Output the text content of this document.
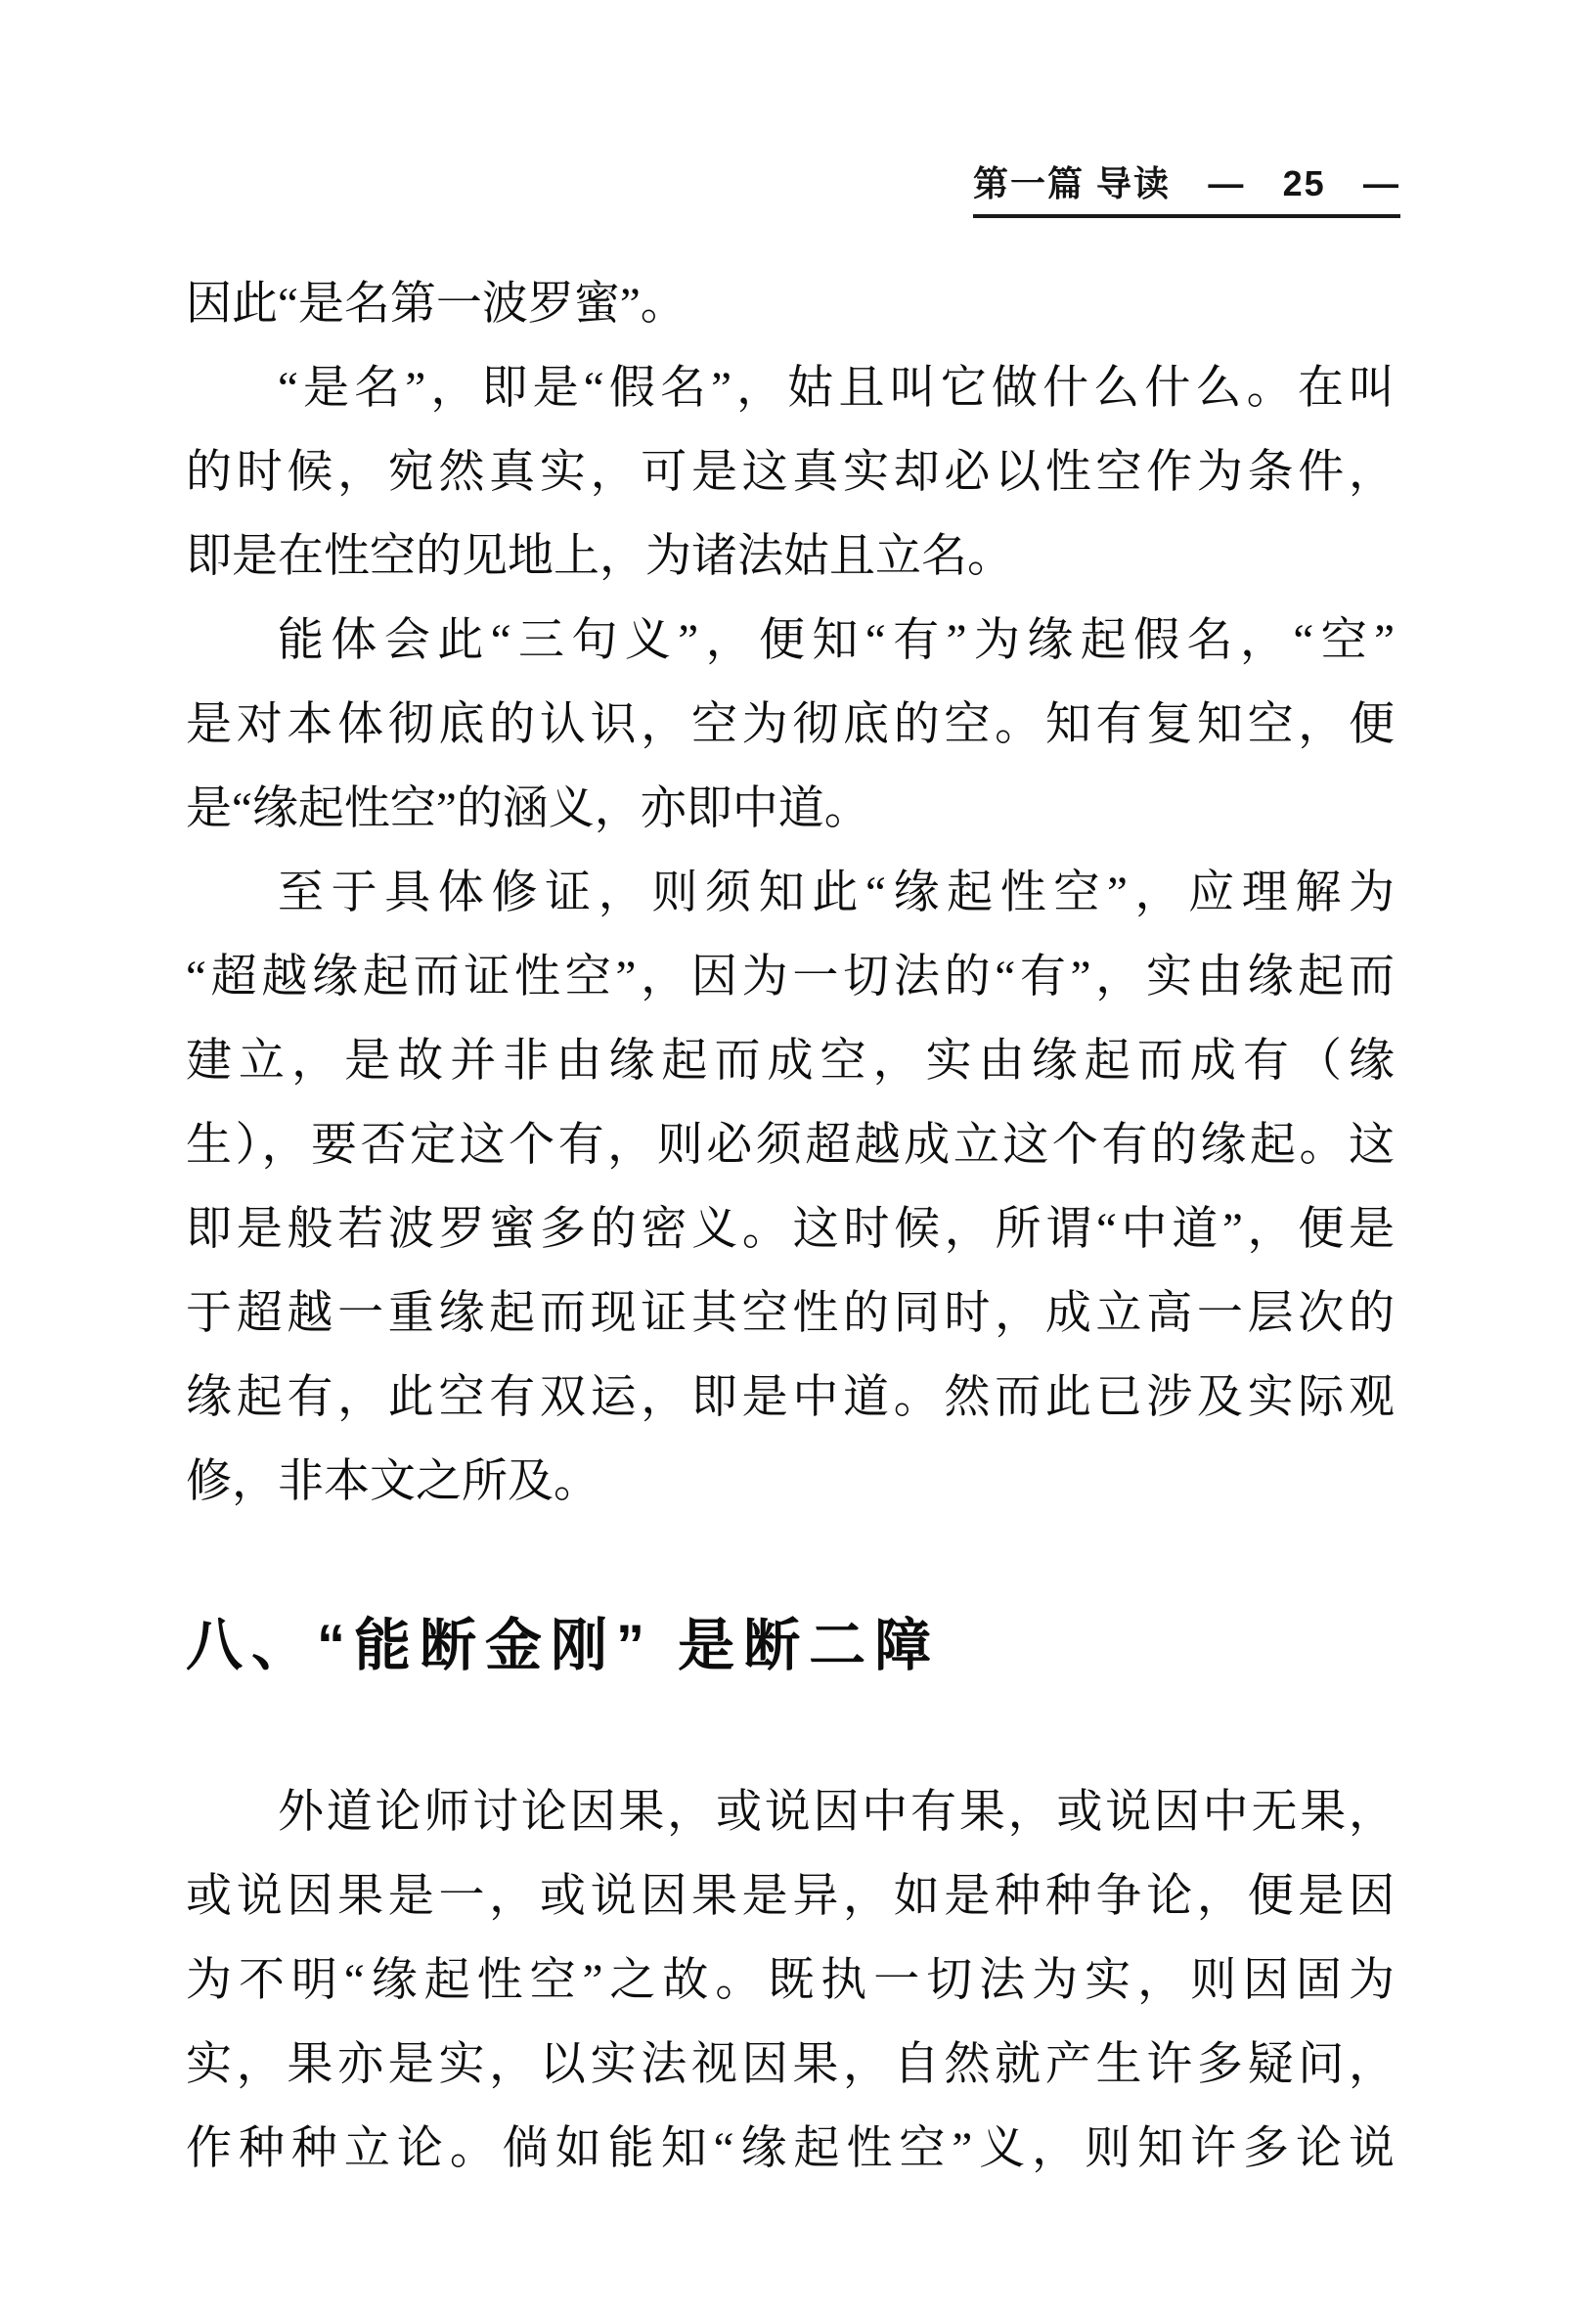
第一篇 导读 — 25 —
因此“是名第一波罗蜜”。
“是名”，即是“假名”，姑且叫它做什么什么。在叫
的时候，宛然真实，可是这真实却必以性空作为条件，
即是在性空的见地上，为诸法姑且立名。
能体会此“三句义”，便知“有”为缘起假名，“空”
是对本体彻底的认识，空为彻底的空。知有复知空，便
是“缘起性空”的涵义，亦即中道。
至于具体修证，则须知此“缘起性空”，应理解为
“超越缘起而证性空”，因为一切法的“有”，实由缘起而
建立，是故并非由缘起而成空，实由缘起而成有（缘
生），要否定这个有，则必须超越成立这个有的缘起。这
即是般若波罗蜜多的密义。这时候，所谓“中道”，便是
于超越一重缘起而现证其空性的同时，成立高一层次的
缘起有，此空有双运，即是中道。然而此已涉及实际观
修，非本文之所及。
八、“能断金刚” 是断二障
外道论师讨论因果，或说因中有果，或说因中无果，
或说因果是一，或说因果是异，如是种种争论，便是因
为不明“缘起性空”之故。既执一切法为实，则因固为
实，果亦是实，以实法视因果，自然就产生许多疑问，
作种种立论。倘如能知“缘起性空”义，则知许多论说
